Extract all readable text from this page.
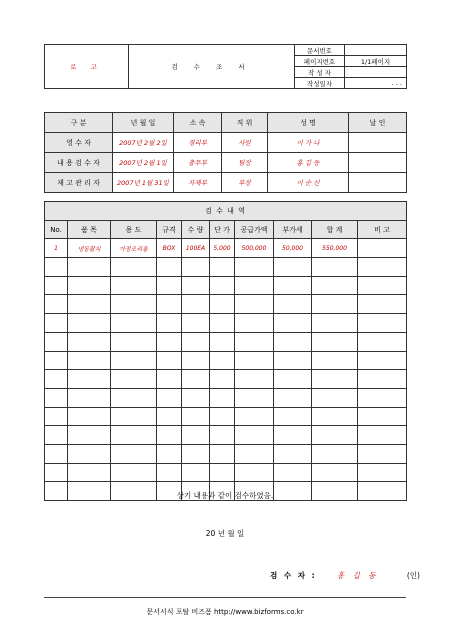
로 고	검 수 조 서	문서번호	
		페이지번호	1/1페이지
		작 성 자	
		작성일자	. . .
구 분	년 월 일	소 속	직 위	성 명	날 인
영 수 자	2007년 2월 2일	경리부	사원	이 가 나	
내 용 검 수 자	2007년 2월 1일	총무부	팀장	홍 길 동	
재 고 관 리 자	2007년 1월 31일	자재부	부장	이 순 신	
검 수 내 역									
No.	품 목	용 도	규격	수 량	단 가	공급가액	부가세	합 계	비 고
1	냉동활치	가정조리용	BOX	100EA	5,000	500,000	50,000	550,000	

상기 내용과 같이 검수하였음.
20 년 월 일
검 수 자 :	홍 길 동	(인)
문서서식 포탈 비즈폼 http://www.bizforms.co.kr
